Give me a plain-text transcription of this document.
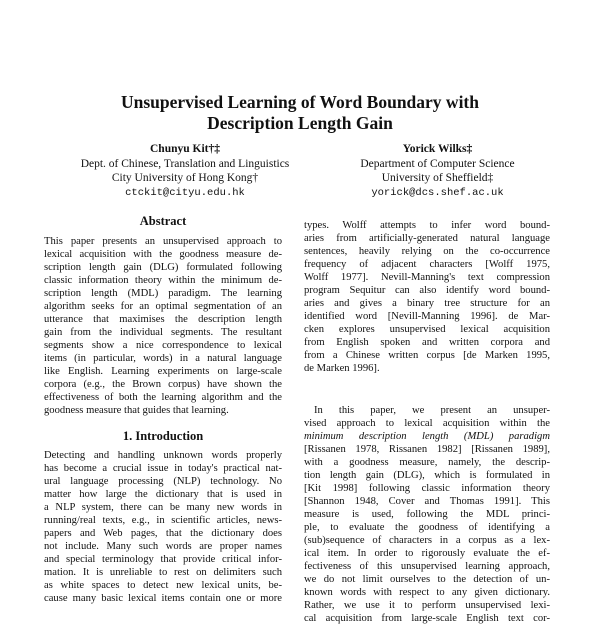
Unsupervised Learning of Word Boundary with
Description Length Gain
Chunyu Kit†‡
Dept. of Chinese, Translation and Linguistics
City University of Hong Kong†
ctckit@cityu.edu.hk
Yorick Wilks‡
Department of Computer Science
University of Sheffield‡
yorick@dcs.shef.ac.uk
Abstract
This paper presents an unsupervised approach to
lexical acquisition with the goodness measure de-
scription length gain (DLG) formulated following
classic information theory within the minimum de-
scription length (MDL) paradigm. The learning
algorithm seeks for an optimal segmentation of an
utterance that maximises the description length
gain from the individual segments. The resultant
segments show a nice correspondence to lexical
items (in particular, words) in a natural language
like English. Learning experiments on large-scale
corpora (e.g., the Brown corpus) have shown the
effectiveness of both the learning algorithm and the
goodness measure that guides that learning.
1. Introduction
Detecting and handling unknown words properly
has become a crucial issue in today's practical nat-
ural language processing (NLP) technology. No
matter how large the dictionary that is used in
a NLP system, there can be many new words in
running/real texts, e.g., in scientific articles, news-
papers and Web pages, that the dictionary does
not include. Many such words are proper names
and special terminology that provide critical infor-
mation. It is unreliable to rest on delimiters such
as white spaces to detect new lexical units, be-
cause many basic lexical items contain one or more
types. Wolff attempts to infer word bound-
aries from artificially-generated natural language
sentences, heavily relying on the co-occurrence
frequency of adjacent characters [Wolff 1975,
Wolff 1977]. Nevill-Manning's text compression
program Sequitur can also identify word bound-
aries and gives a binary tree structure for an
identified word [Nevill-Manning 1996]. de Mar-
cken explores unsupervised lexical acquisition
from English spoken and written corpora and
from a Chinese written corpus [de Marken 1995,
de Marken 1996].
In this paper, we present an unsuper-
vised approach to lexical acquisition within the
minimum description length (MDL) paradigm
[Rissanen 1978, Rissanen 1982] [Rissanen 1989],
with a goodness measure, namely, the descrip-
tion length gain (DLG), which is formulated in
[Kit 1998] following classic information theory
[Shannon 1948, Cover and Thomas 1991]. This
measure is used, following the MDL princi-
ple, to evaluate the goodness of identifying a
(sub)sequence of characters in a corpus as a lex-
ical item. In order to rigorously evaluate the ef-
fectiveness of this unsupervised learning approach,
we do not limit ourselves to the detection of un-
known words with respect to any given dictionary.
Rather, we use it to perform unsupervised lexi-
cal acquisition from large-scale English text cor-
